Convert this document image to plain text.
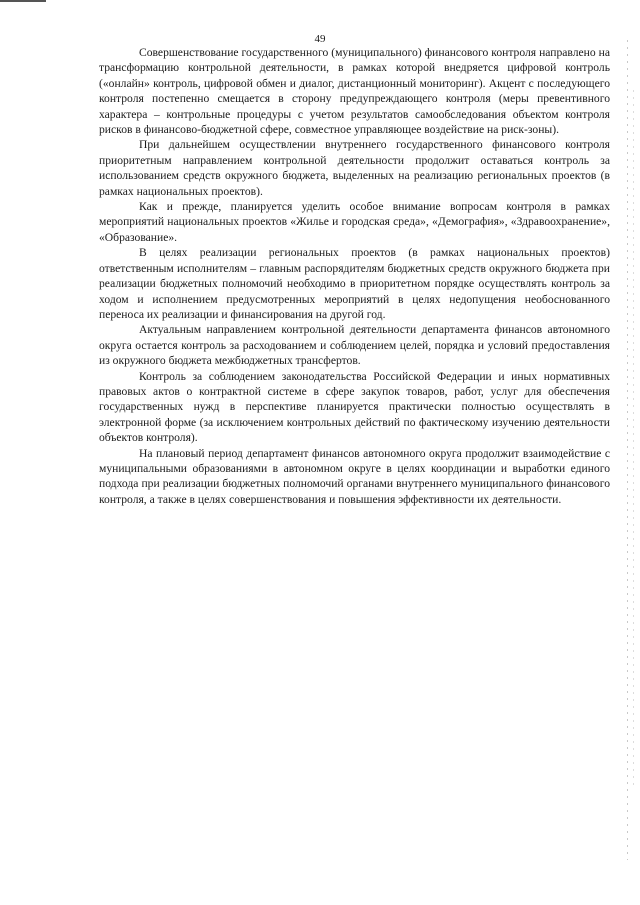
49

Совершенствование государственного (муниципального) финансового контроля направлено на трансформацию контрольной деятельности, в рамках которой внедряется цифровой контроль («онлайн» контроль, цифровой обмен и диалог, дистанционный мониторинг). Акцент с последующего контроля постепенно смещается в сторону предупреждающего контроля (меры превентивного характера – контрольные процедуры с учетом результатов самообследования объектом контроля рисков в финансово-бюджетной сфере, совместное управляющее воздействие на риск-зоны).

При дальнейшем осуществлении внутреннего государственного финансового контроля приоритетным направлением контрольной деятельности продолжит оставаться контроль за использованием средств окружного бюджета, выделенных на реализацию региональных проектов (в рамках национальных проектов).

Как и прежде, планируется уделить особое внимание вопросам контроля в рамках мероприятий национальных проектов «Жилье и городская среда», «Демография», «Здравоохранение», «Образование».

В целях реализации региональных проектов (в рамках национальных проектов) ответственным исполнителям – главным распорядителям бюджетных средств окружного бюджета при реализации бюджетных полномочий необходимо в приоритетном порядке осуществлять контроль за ходом и исполнением предусмотренных мероприятий в целях недопущения необоснованного переноса их реализации и финансирования на другой год.

Актуальным направлением контрольной деятельности департамента финансов автономного округа остается контроль за расходованием и соблюдением целей, порядка и условий предоставления из окружного бюджета межбюджетных трансфертов.

Контроль за соблюдением законодательства Российской Федерации и иных нормативных правовых актов о контрактной системе в сфере закупок товаров, работ, услуг для обеспечения государственных нужд в перспективе планируется практически полностью осуществлять в электронной форме (за исключением контрольных действий по фактическому изучению деятельности объектов контроля).

На плановый период департамент финансов автономного округа продолжит взаимодействие с муниципальными образованиями в автономном округе в целях координации и выработки единого подхода при реализации бюджетных полномочий органами внутреннего муниципального финансового контроля, а также в целях совершенствования и повышения эффективности их деятельности.
